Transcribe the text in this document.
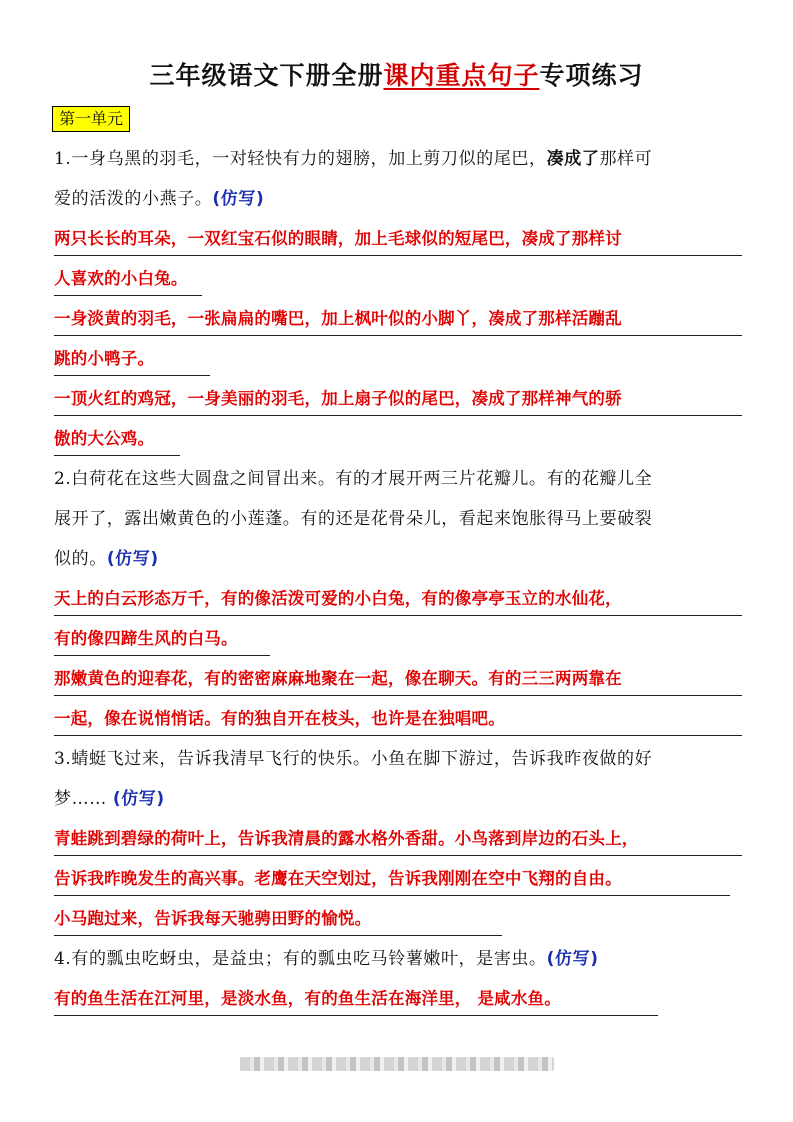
三年级语文下册全册课内重点句子专项练习
第一单元
1.一身乌黑的羽毛，一对轻快有力的翅膀，加上剪刀似的尾巴，凑成了那样可
爱的活泼的小燕子。(仿写)
两只长长的耳朵，一双红宝石似的眼睛，加上毛球似的短尾巴，凑成了那样讨
人喜欢的小白兔。
一身淡黄的羽毛，一张扁扁的嘴巴，加上枫叶似的小脚丫，凑成了那样活蹦乱
跳的小鸭子。
一顶火红的鸡冠，一身美丽的羽毛，加上扇子似的尾巴，凑成了那样神气的骄
傲的大公鸡。
2.白荷花在这些大圆盘之间冒出来。有的才展开两三片花瓣儿。有的花瓣儿全
展开了，露出嫩黄色的小莲蓬。有的还是花骨朵儿，看起来饱胀得马上要破裂
似的。(仿写)
天上的白云形态万千，有的像活泼可爱的小白兔，有的像亭亭玉立的水仙花，
有的像四蹄生风的白马。
那嫩黄色的迎春花，有的密密麻麻地聚在一起，像在聊天。有的三三两两靠在
一起，像在说悄悄话。有的独自开在枝头，也许是在独唱吧。
3.蜻蜓飞过来，告诉我清早飞行的快乐。小鱼在脚下游过，告诉我昨夜做的好
梦…… (仿写)
青蛙跳到碧绿的荷叶上，告诉我清晨的露水格外香甜。小鸟落到岸边的石头上，
告诉我昨晚发生的高兴事。老鹰在天空划过，告诉我刚刚在空中飞翔的自由。
小马跑过来，告诉我每天驰骋田野的愉悦。
4.有的瓢虫吃蚜虫，是益虫；有的瓢虫吃马铃薯嫩叶，是害虫。(仿写)
有的鱼生活在江河里，是淡水鱼，有的鱼生活在海洋里， 是咸水鱼。
